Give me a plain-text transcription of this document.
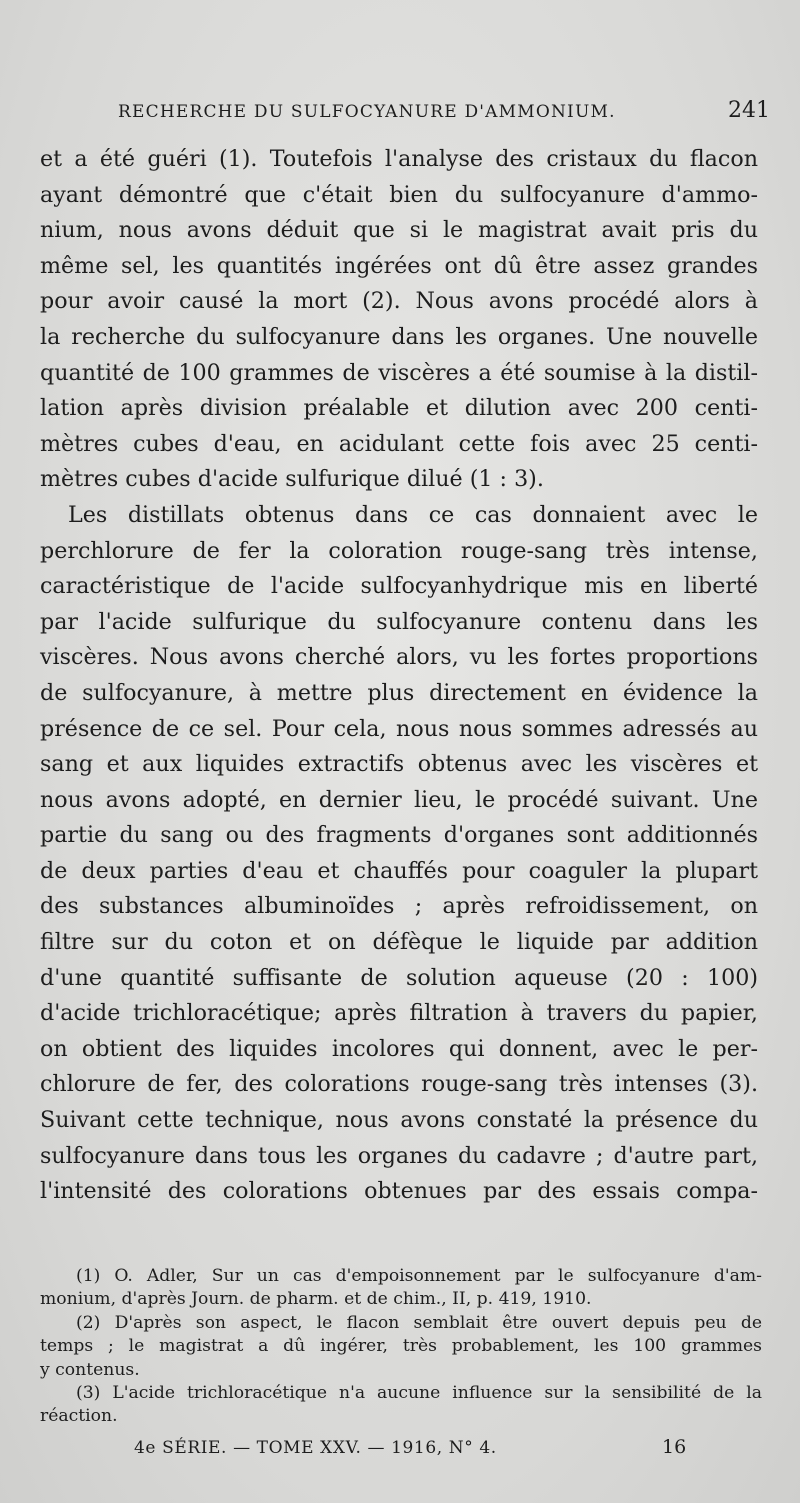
RECHERCHE DU SULFOCYANURE D'AMMONIUM.	241
et a été guéri (1). Toutefois l'analyse des cristaux du flacon
ayant démontré que c'était bien du sulfocyanure d'ammo-
nium, nous avons déduit que si le magistrat avait pris du
même sel, les quantités ingérées ont dû être assez grandes
pour avoir causé la mort (2). Nous avons procédé alors à
la recherche du sulfocyanure dans les organes. Une nouvelle
quantité de 100 grammes de viscères a été soumise à la distil-
lation après division préalable et dilution avec 200 centi-
mètres cubes d'eau, en acidulant cette fois avec 25 centi-
mètres cubes d'acide sulfurique dilué (1 : 3).
Les distillats obtenus dans ce cas donnaient avec le
perchlorure de fer la coloration rouge-sang très intense,
caractéristique de l'acide sulfocyanhydrique mis en liberté
par l'acide sulfurique du sulfocyanure contenu dans les
viscères. Nous avons cherché alors, vu les fortes proportions
de sulfocyanure, à mettre plus directement en évidence la
présence de ce sel. Pour cela, nous nous sommes adressés au
sang et aux liquides extractifs obtenus avec les viscères et
nous avons adopté, en dernier lieu, le procédé suivant. Une
partie du sang ou des fragments d'organes sont additionnés
de deux parties d'eau et chauffés pour coaguler la plupart
des substances albuminoïdes ; après refroidissement, on
filtre sur du coton et on défèque le liquide par addition
d'une quantité suffisante de solution aqueuse (20 : 100)
d'acide trichloracétique; après filtration à travers du papier,
on obtient des liquides incolores qui donnent, avec le per-
chlorure de fer, des colorations rouge-sang très intenses (3).
Suivant cette technique, nous avons constaté la présence du
sulfocyanure dans tous les organes du cadavre ; d'autre part,
l'intensité des colorations obtenues par des essais compa-
(1) O. Adler, Sur un cas d'empoisonnement par le sulfocyanure d'am-
monium, d'après Journ. de pharm. et de chim., II, p. 419, 1910.
(2) D'après son aspect, le flacon semblait être ouvert depuis peu de
temps ; le magistrat a dû ingérer, très probablement, les 100 grammes
y contenus.
(3) L'acide trichloracétique n'a aucune influence sur la sensibilité de la
réaction.
4e SÉRIE. — TOME XXV. — 1916, N° 4.	16
